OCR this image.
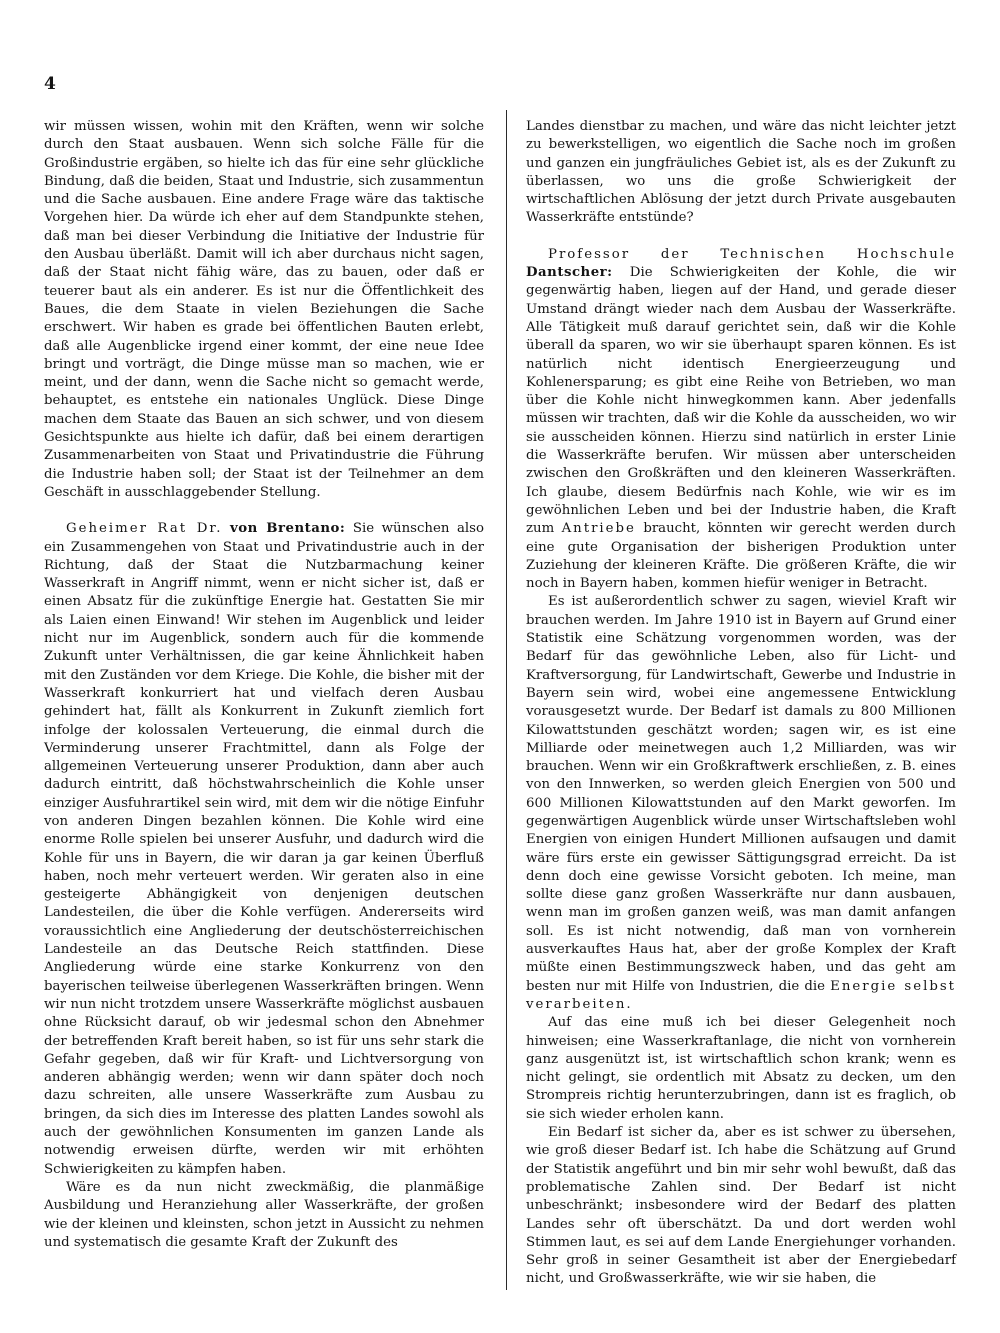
4

wir müssen wissen, wohin mit den Kräften, wenn wir solche durch den Staat ausbauen. Wenn sich solche Fälle für die Großindustrie ergäben, so hielte ich das für eine sehr glückliche Bindung, daß die beiden, Staat und Industrie, sich zusammentun und die Sache ausbauen. Eine andere Frage wäre das taktische Vorgehen hier. Da würde ich eher auf dem Standpunkte stehen, daß man bei dieser Verbindung die Initiative der Industrie für den Ausbau überläßt. Damit will ich aber durchaus nicht sagen, daß der Staat nicht fähig wäre, das zu bauen, oder daß er teuerer baut als ein anderer. Es ist nur die Öffentlichkeit des Baues, die dem Staate in vielen Beziehungen die Sache erschwert. Wir haben es grade bei öffentlichen Bauten erlebt, daß alle Augenblicke irgend einer kommt, der eine neue Idee bringt und vorträgt, die Dinge müsse man so machen, wie er meint, und der dann, wenn die Sache nicht so gemacht werde, behauptet, es entstehe ein nationales Unglück. Diese Dinge machen dem Staate das Bauen an sich schwer, und von diesem Gesichtspunkte aus hielte ich dafür, daß bei einem derartigen Zusammenarbeiten von Staat und Privatindustrie die Führung die Industrie haben soll; der Staat ist der Teilnehmer an dem Geschäft in ausschlaggebender Stellung.

Geheimer Rat Dr. von Brentano: Sie wünschen also ein Zusammengehen von Staat und Privatindustrie auch in der Richtung, daß der Staat die Nutzbarmachung keiner Wasserkraft in Angriff nimmt, wenn er nicht sicher ist, daß er einen Absatz für die zukünftige Energie hat. Gestatten Sie mir als Laien einen Einwand! Wir stehen im Augenblick und leider nicht nur im Augenblick, sondern auch für die kommende Zukunft unter Verhältnissen, die gar keine Ähnlichkeit haben mit den Zuständen vor dem Kriege. Die Kohle, die bisher mit der Wasserkraft konkurriert hat und vielfach deren Ausbau gehindert hat, fällt als Konkurrent in Zukunft ziemlich fort infolge der kolossalen Verteuerung, die einmal durch die Verminderung unserer Frachtmittel, dann als Folge der allgemeinen Verteuerung unserer Produktion, dann aber auch dadurch eintritt, daß höchstwahrscheinlich die Kohle unser einziger Ausfuhrartikel sein wird, mit dem wir die nötige Einfuhr von anderen Dingen bezahlen können. Die Kohle wird eine enorme Rolle spielen bei unserer Ausfuhr, und dadurch wird die Kohle für uns in Bayern, die wir daran ja gar keinen Überfluß haben, noch mehr verteuert werden. Wir geraten also in eine gesteigerte Abhängigkeit von denjenigen deutschen Landesteilen, die über die Kohle verfügen. Andererseits wird voraussichtlich eine Angliederung der deutschösterreichischen Landesteile an das Deutsche Reich stattfinden. Diese Angliederung würde eine starke Konkurrenz von den bayerischen teilweise überlegenen Wasserkräften bringen. Wenn wir nun nicht trotzdem unsere Wasserkräfte möglichst ausbauen ohne Rücksicht darauf, ob wir jedesmal schon den Abnehmer der betreffenden Kraft bereit haben, so ist für uns sehr stark die Gefahr gegeben, daß wir für Kraft- und Lichtversorgung von anderen abhängig werden; wenn wir dann später doch noch dazu schreiten, alle unsere Wasserkräfte zum Ausbau zu bringen, da sich dies im Interesse des platten Landes sowohl als auch der gewöhnlichen Konsumenten im ganzen Lande als notwendig erweisen dürfte, werden wir mit erhöhten Schwierigkeiten zu kämpfen haben.

Wäre es da nun nicht zweckmäßig, die planmäßige Ausbildung und Heranziehung aller Wasserkräfte, der großen wie der kleinen und kleinsten, schon jetzt in Aussicht zu nehmen und systematisch die gesamte Kraft der Zukunft des

Landes dienstbar zu machen, und wäre das nicht leichter jetzt zu bewerkstelligen, wo eigentlich die Sache noch im großen und ganzen ein jungfräuliches Gebiet ist, als es der Zukunft zu überlassen, wo uns die große Schwierigkeit der wirtschaftlichen Ablösung der jetzt durch Private ausgebauten Wasserkräfte entstünde?

Professor der Technischen Hochschule Dantscher: Die Schwierigkeiten der Kohle, die wir gegenwärtig haben, liegen auf der Hand, und gerade dieser Umstand drängt wieder nach dem Ausbau der Wasserkräfte. Alle Tätigkeit muß darauf gerichtet sein, daß wir die Kohle überall da sparen, wo wir sie überhaupt sparen können. Es ist natürlich nicht identisch Energieerzeugung und Kohlenersparung; es gibt eine Reihe von Betrieben, wo man über die Kohle nicht hinwegkommen kann. Aber jedenfalls müssen wir trachten, daß wir die Kohle da ausscheiden, wo wir sie ausscheiden können. Hierzu sind natürlich in erster Linie die Wasserkräfte berufen. Wir müssen aber unterscheiden zwischen den Großkräften und den kleineren Wasserkräften. Ich glaube, diesem Bedürfnis nach Kohle, wie wir es im gewöhnlichen Leben und bei der Industrie haben, die Kraft zum Antriebe braucht, könnten wir gerecht werden durch eine gute Organisation der bisherigen Produktion unter Zuziehung der kleineren Kräfte. Die größeren Kräfte, die wir noch in Bayern haben, kommen hiefür weniger in Betracht.

Es ist außerordentlich schwer zu sagen, wieviel Kraft wir brauchen werden. Im Jahre 1910 ist in Bayern auf Grund einer Statistik eine Schätzung vorgenommen worden, was der Bedarf für das gewöhnliche Leben, also für Licht- und Kraftversorgung, für Landwirtschaft, Gewerbe und Industrie in Bayern sein wird, wobei eine angemessene Entwicklung vorausgesetzt wurde. Der Bedarf ist damals zu 800 Millionen Kilowattstunden geschätzt worden; sagen wir, es ist eine Milliarde oder meinetwegen auch 1,2 Milliarden, was wir brauchen. Wenn wir ein Großkraftwerk erschließen, z. B. eines von den Innwerken, so werden gleich Energien von 500 und 600 Millionen Kilowattstunden auf den Markt geworfen. Im gegenwärtigen Augenblick würde unser Wirtschaftsleben wohl Energien von einigen Hundert Millionen aufsaugen und damit wäre fürs erste ein gewisser Sättigungsgrad erreicht. Da ist denn doch eine gewisse Vorsicht geboten. Ich meine, man sollte diese ganz großen Wasserkräfte nur dann ausbauen, wenn man im großen ganzen weiß, was man damit anfangen soll. Es ist nicht notwendig, daß man von vornherein ausverkauftes Haus hat, aber der große Komplex der Kraft müßte einen Bestimmungszweck haben, und das geht am besten nur mit Hilfe von Industrien, die die Energie selbst verarbeiten.

Auf das eine muß ich bei dieser Gelegenheit noch hinweisen; eine Wasserkraftanlage, die nicht von vornherein ganz ausgenützt ist, ist wirtschaftlich schon krank; wenn es nicht gelingt, sie ordentlich mit Absatz zu decken, um den Strompreis richtig herunterzubringen, dann ist es fraglich, ob sie sich wieder erholen kann.

Ein Bedarf ist sicher da, aber es ist schwer zu übersehen, wie groß dieser Bedarf ist. Ich habe die Schätzung auf Grund der Statistik angeführt und bin mir sehr wohl bewußt, daß das problematische Zahlen sind. Der Bedarf ist nicht unbeschränkt; insbesondere wird der Bedarf des platten Landes sehr oft überschätzt. Da und dort werden wohl Stimmen laut, es sei auf dem Lande Energiehunger vorhanden. Sehr groß in seiner Gesamtheit ist aber der Energiebedarf nicht, und Großwasserkräfte, wie wir sie haben, die
